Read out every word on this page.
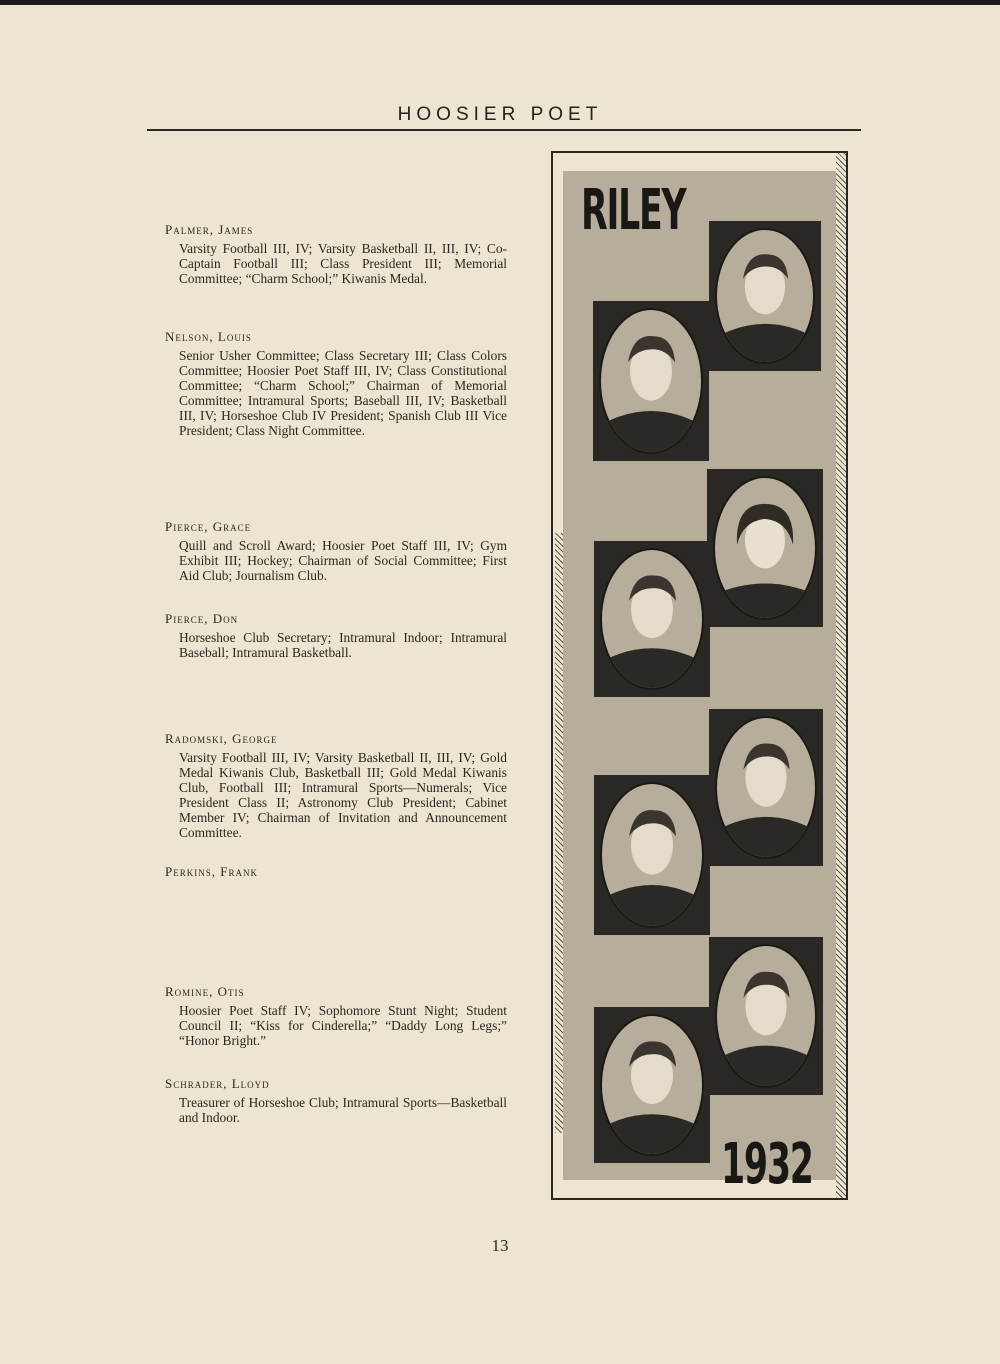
HOOSIER POET
Palmer, James
Varsity Football III, IV; Varsity Basketball II, III, IV; Co-Captain Football III; Class President III; Memorial Committee; “Charm School;” Kiwanis Medal.
Nelson, Louis
Senior Usher Committee; Class Secretary III; Class Colors Committee; Hoosier Poet Staff III, IV; Class Constitutional Committee; “Charm School;” Chairman of Memorial Committee; Intramural Sports; Baseball III, IV; Basketball III, IV; Horseshoe Club IV President; Spanish Club III Vice President; Class Night Committee.
Pierce, Grace
Quill and Scroll Award; Hoosier Poet Staff III, IV; Gym Exhibit III; Hockey; Chairman of Social Committee; First Aid Club; Journalism Club.
Pierce, Don
Horseshoe Club Secretary; Intramural Indoor; Intramural Baseball; Intramural Basketball.
Radomski, George
Varsity Football III, IV; Varsity Basketball II, III, IV; Gold Medal Kiwanis Club, Basketball III; Gold Medal Kiwanis Club, Football III; Intramural Sports—Numerals; Vice President Class II; Astronomy Club President; Cabinet Member IV; Chairman of Invitation and Announcement Committee.
Perkins, Frank
Romine, Otis
Hoosier Poet Staff IV; Sophomore Stunt Night; Student Council II; “Kiss for Cinderella;” “Daddy Long Legs;” “Honor Bright.”
Schrader, Lloyd
Treasurer of Horseshoe Club; Intramural Sports—Basketball and Indoor.
13
RILEY
1932
